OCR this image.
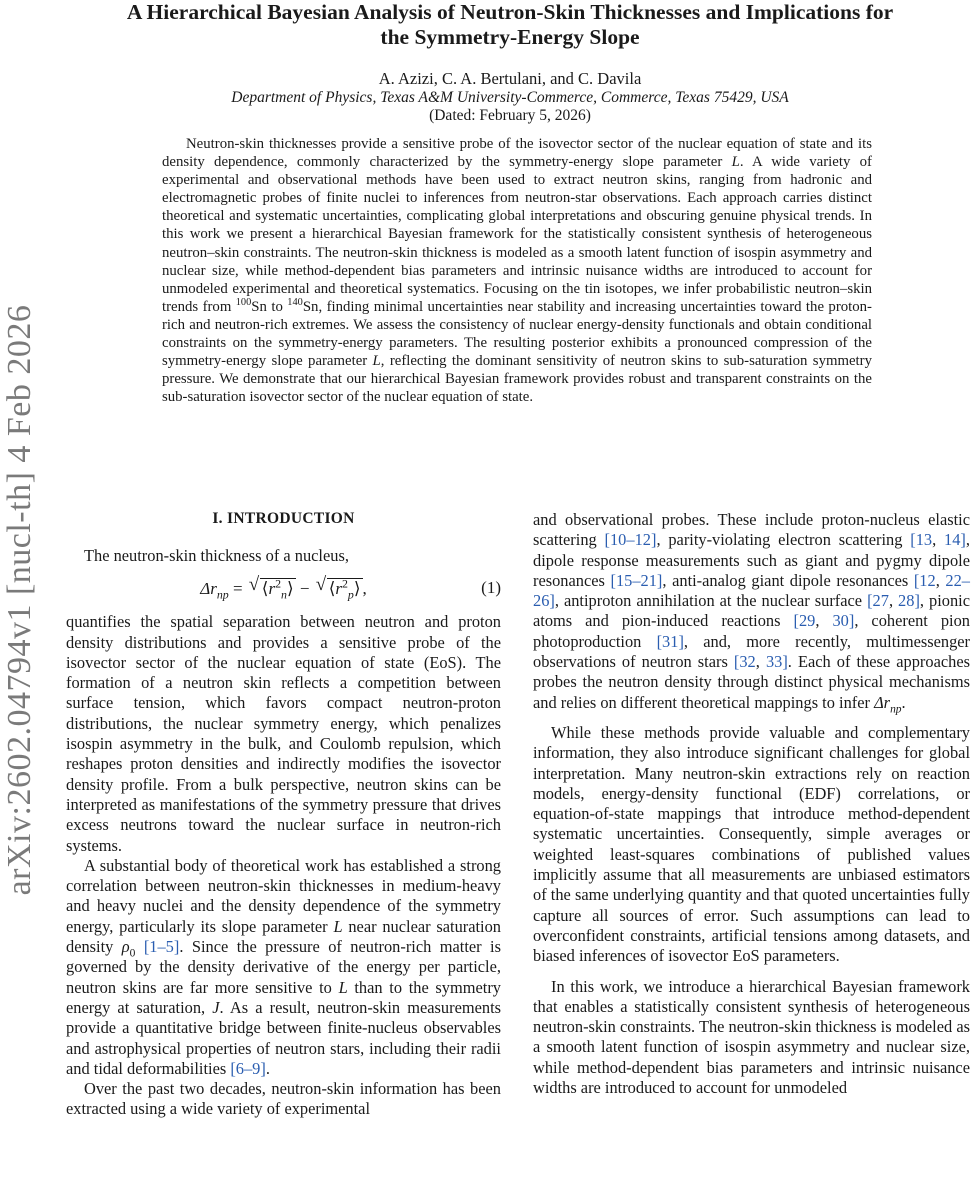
arXiv:2602.04794v1 [nucl-th] 4 Feb 2026
A Hierarchical Bayesian Analysis of Neutron-Skin Thicknesses and Implications for
the Symmetry-Energy Slope
A. Azizi, C. A. Bertulani, and C. Davila
Department of Physics, Texas A&M University-Commerce, Commerce, Texas 75429, USA
(Dated: February 5, 2026)

Neutron-skin thicknesses provide a sensitive probe of the isovector sector of the nuclear equation of state and its density dependence, commonly characterized by the symmetry-energy slope parameter L. A wide variety of experimental and observational methods have been used to extract neutron skins, ranging from hadronic and electromagnetic probes of finite nuclei to inferences from neutron-star observations. Each approach carries distinct theoretical and systematic uncertainties, complicating global interpretations and obscuring genuine physical trends. In this work we present a hierarchical Bayesian framework for the statistically consistent synthesis of heterogeneous neutron–skin constraints. The neutron-skin thickness is modeled as a smooth latent function of isospin asymmetry and nuclear size, while method-dependent bias parameters and intrinsic nuisance widths are introduced to account for unmodeled experimental and theoretical systematics. Focusing on the tin isotopes, we infer probabilistic neutron–skin trends from $^{100}$Sn to $^{140}$Sn, finding minimal uncertainties near stability and increasing uncertainties toward the proton-rich and neutron-rich extremes. We assess the consistency of nuclear energy-density functionals and obtain conditional constraints on the symmetry-energy parameters. The resulting posterior exhibits a pronounced compression of the symmetry-energy slope parameter L, reflecting the dominant sensitivity of neutron skins to sub-saturation symmetry pressure. We demonstrate that our hierarchical Bayesian framework provides robust and transparent constraints on the sub-saturation isovector sector of the nuclear equation of state.

I. INTRODUCTION

The neutron-skin thickness of a nucleus,

$\Delta r_{np}$ = √ $⟨r^2_n⟩$ − √ $⟨r^2_p⟩$ ,	(1)

quantifies the spatial separation between neutron and proton density distributions and provides a sensitive probe of the isovector sector of the nuclear equation of state (EoS). The formation of a neutron skin reflects a competition between surface tension, which favors compact neutron-proton distributions, the nuclear symmetry energy, which penalizes isospin asymmetry in the bulk, and Coulomb repulsion, which reshapes proton densities and indirectly modifies the isovector density profile. From a bulk perspective, neutron skins can be interpreted as manifestations of the symmetry pressure that drives excess neutrons toward the nuclear surface in neutron-rich systems.

A substantial body of theoretical work has established a strong correlation between neutron-skin thicknesses in medium-heavy and heavy nuclei and the density dependence of the symmetry energy, particularly its slope parameter L near nuclear saturation density $\rho_0$ [1–5]. Since the pressure of neutron-rich matter is governed by the density derivative of the energy per particle, neutron skins are far more sensitive to L than to the symmetry energy at saturation, J. As a result, neutron-skin measurements provide a quantitative bridge between finite-nucleus observables and astrophysical properties of neutron stars, including their radii and tidal deformabilities [6–9].

Over the past two decades, neutron-skin information has been extracted using a wide variety of experimental

and observational probes. These include proton-nucleus elastic scattering [10–12], parity-violating electron scattering [13, 14], dipole response measurements such as giant and pygmy dipole resonances [15–21], anti-analog giant dipole resonances [12, 22–26], antiproton annihilation at the nuclear surface [27, 28], pionic atoms and pion-induced reactions [29, 30], coherent pion photoproduction [31], and, more recently, multimessenger observations of neutron stars [32, 33]. Each of these approaches probes the neutron density through distinct physical mechanisms and relies on different theoretical mappings to infer $\Delta r_{np}$.

While these methods provide valuable and complementary information, they also introduce significant challenges for global interpretation. Many neutron-skin extractions rely on reaction models, energy-density functional (EDF) correlations, or equation-of-state mappings that introduce method-dependent systematic uncertainties. Consequently, simple averages or weighted least-squares combinations of published values implicitly assume that all measurements are unbiased estimators of the same underlying quantity and that quoted uncertainties fully capture all sources of error. Such assumptions can lead to overconfident constraints, artificial tensions among datasets, and biased inferences of isovector EoS parameters.

In this work, we introduce a hierarchical Bayesian framework that enables a statistically consistent synthesis of heterogeneous neutron-skin constraints. The neutron-skin thickness is modeled as a smooth latent function of isospin asymmetry and nuclear size, while method-dependent bias parameters and intrinsic nuisance widths are introduced to account for unmodeled
